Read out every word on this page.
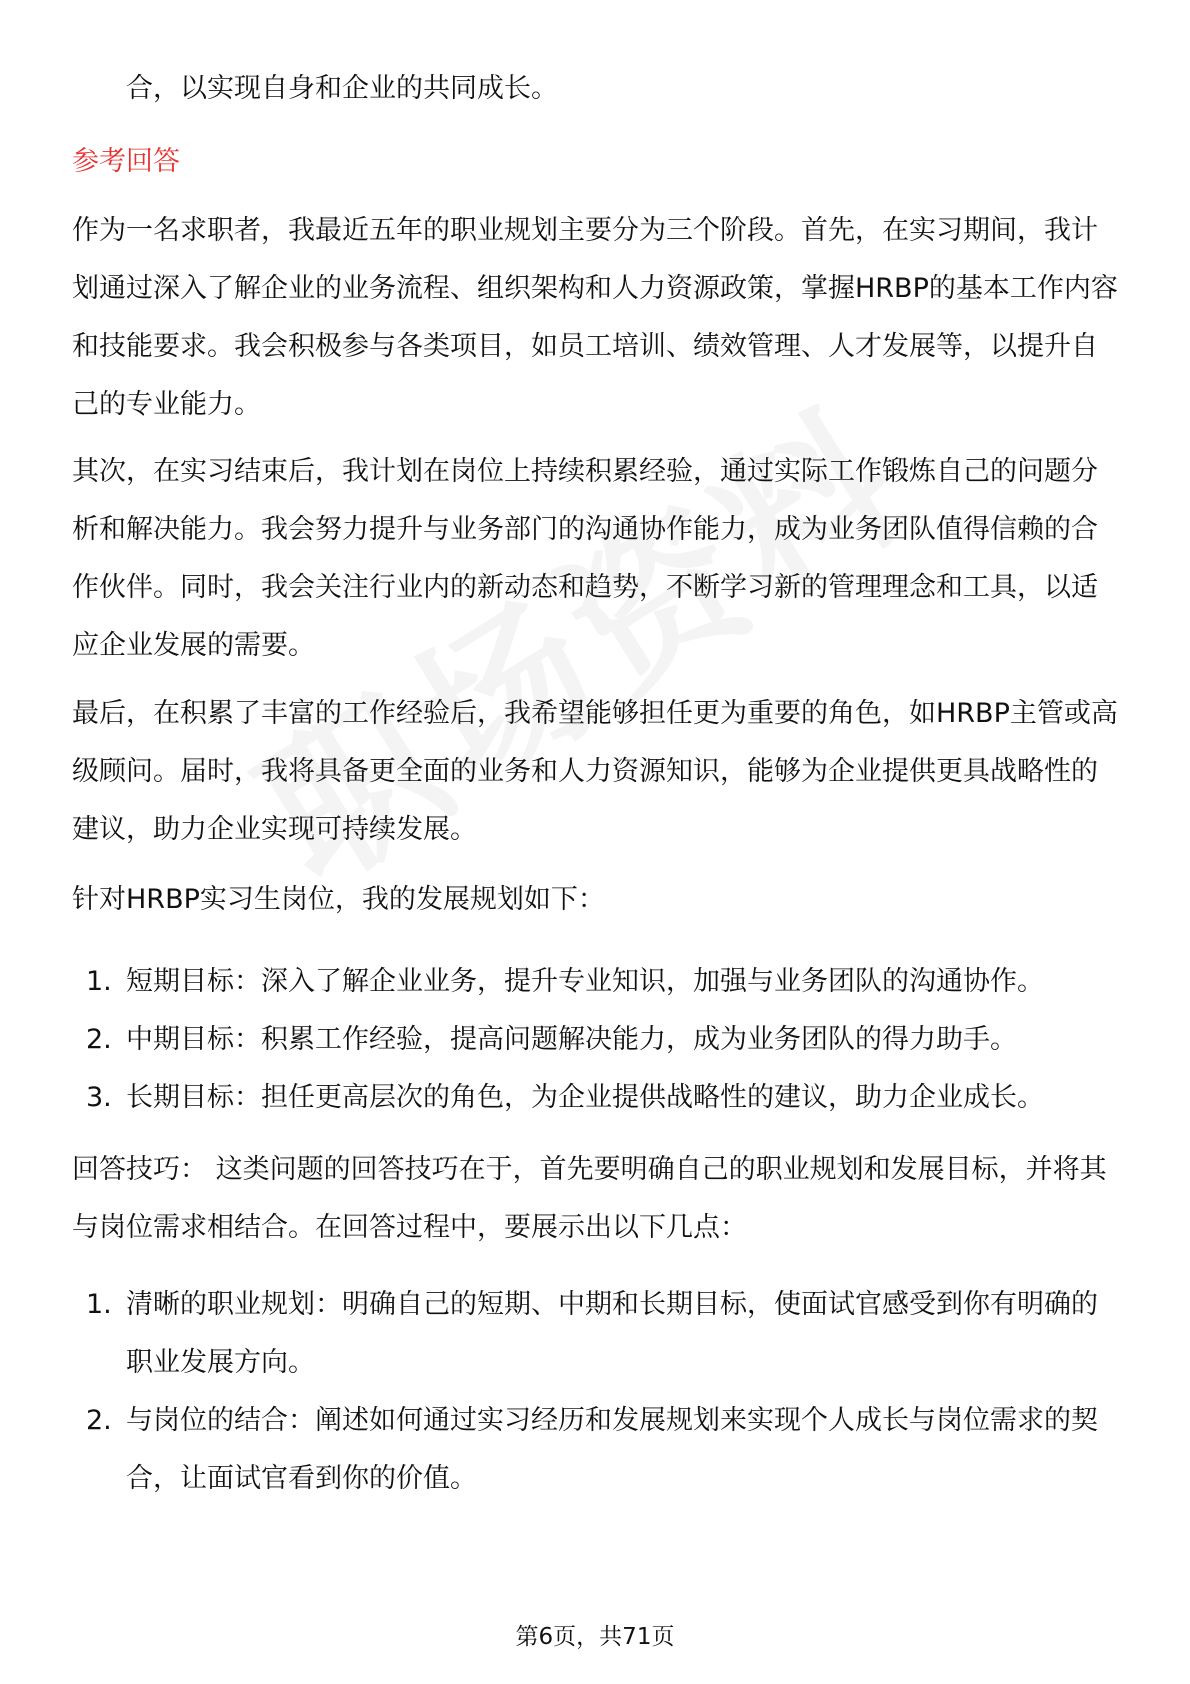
合，以实现自身和企业的共同成长。

参考回答

作为一名求职者，我最近五年的职业规划主要分为三个阶段。首先，在实习期间，我计划通过深入了解企业的业务流程、组织架构和人力资源政策，掌握HRBP的基本工作内容和技能要求。我会积极参与各类项目，如员工培训、绩效管理、人才发展等，以提升自己的专业能力。

其次，在实习结束后，我计划在岗位上持续积累经验，通过实际工作锻炼自己的问题分析和解决能力。我会努力提升与业务部门的沟通协作能力，成为业务团队值得信赖的合作伙伴。同时，我会关注行业内的新动态和趋势，不断学习新的管理理念和工具，以适应企业发展的需要。

最后，在积累了丰富的工作经验后，我希望能够担任更为重要的角色，如HRBP主管或高级顾问。届时，我将具备更全面的业务和人力资源知识，能够为企业提供更具战略性的建议，助力企业实现可持续发展。

针对HRBP实习生岗位，我的发展规划如下：

1. 短期目标：深入了解企业业务，提升专业知识，加强与业务团队的沟通协作。
2. 中期目标：积累工作经验，提高问题解决能力，成为业务团队的得力助手。
3. 长期目标：担任更高层次的角色，为企业提供战略性的建议，助力企业成长。

回答技巧： 这类问题的回答技巧在于，首先要明确自己的职业规划和发展目标，并将其与岗位需求相结合。在回答过程中，要展示出以下几点：

1. 清晰的职业规划：明确自己的短期、中期和长期目标，使面试官感受到你有明确的职业发展方向。
2. 与岗位的结合：阐述如何通过实习经历和发展规划来实现个人成长与岗位需求的契合，让面试官看到你的价值。
第6页，共71页
